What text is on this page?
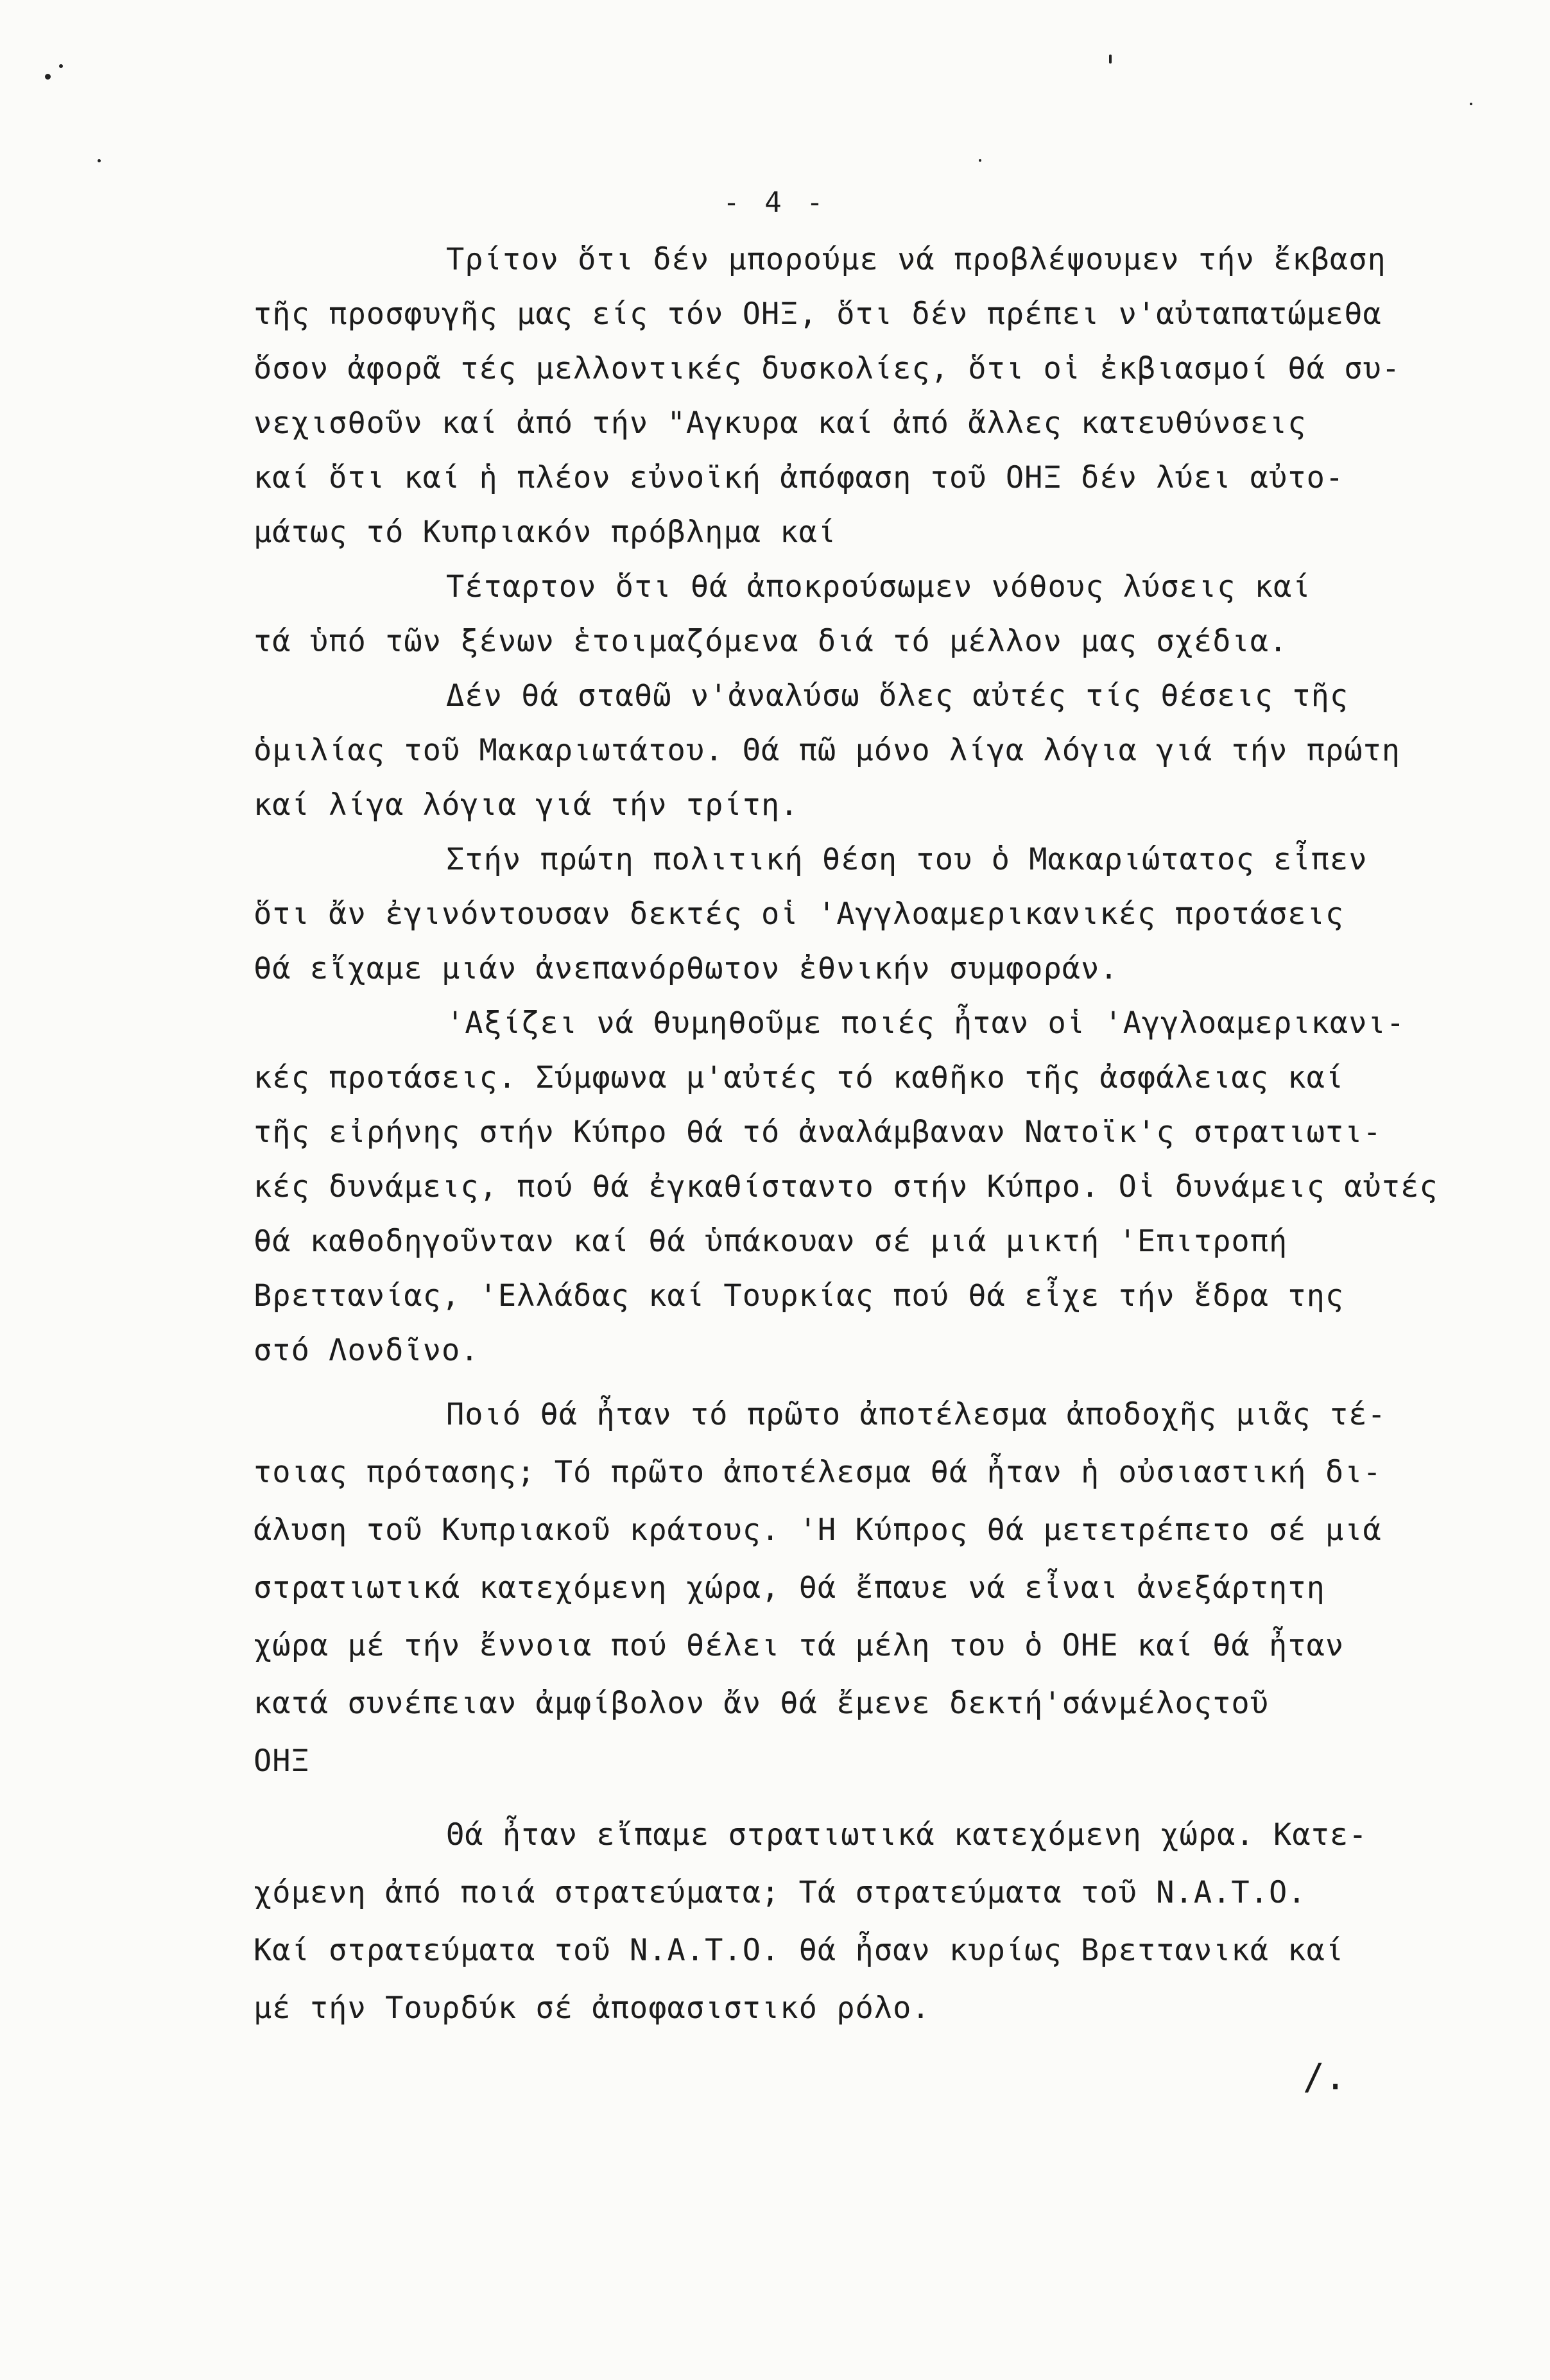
- 4 -
Τρίτον ὅτι δέν μπορούμε νά προβλέψουμεν τήν ἔκβαση
τῆς προσφυγῆς μας είς τόν ΟΗΞ, ὅτι δέν πρέπει ν'αὐταπατώμεθα
ὅσον ἀφορᾶ τές μελλοντικές δυσκολίες, ὅτι οἱ ἐκβιασμοί θά συ-
νεχισθοῦν καί ἀπό τήν "Αγκυρα καί ἀπό ἄλλες κατευθύνσεις
καί ὅτι καί ἡ πλέον εὐνοϊκή ἀπόφαση τοῦ ΟΗΞ δέν λύει αὐτο-
μάτως τό Κυπριακόν πρόβλημα καί
Τέταρτον ὅτι θά ἀποκρούσωμεν νόθους λύσεις καί
τά ὑπό τῶν ξένων ἑτοιμαζόμενα διά τό μέλλον μας σχέδια.
Δέν θά σταθῶ ν'ἀναλύσω ὅλες αὐτές τίς θέσεις τῆς
ὁμιλίας τοῦ Μακαριωτάτου. Θά πῶ μόνο λίγα λόγια γιά τήν πρώτη
καί λίγα λόγια γιά τήν τρίτη.
Στήν πρώτη πολιτική θέση του ὁ Μακαριώτατος εἶπεν
ὅτι ἄν ἐγινόντουσαν δεκτές οἱ 'Αγγλοαμερικανικές προτάσεις
θά εἴχαμε μιάν ἀνεπανόρθωτον ἐθνικήν συμφοράν.
'Αξίζει νά θυμηθοῦμε ποιές ἦταν οἱ 'Αγγλοαμερικανι-
κές προτάσεις. Σύμφωνα μ'αὐτές τό καθῆκο τῆς ἀσφάλειας καί
τῆς εἰρήνης στήν Κύπρο θά τό ἀναλάμβαναν Νατοϊκ'ς στρατιωτι-
κές δυνάμεις, πού θά ἐγκαθίσταντο στήν Κύπρο. Οἱ δυνάμεις αὐτές
θά καθοδηγοῦνταν καί θά ὑπάκουαν σέ μιά μικτή 'Επιτροπή
Βρεττανίας, 'Ελλάδας καί Τουρκίας πού θά εἶχε τήν ἕδρα της
στό Λονδῖνο.
Ποιό θά ἦταν τό πρῶτο ἀποτέλεσμα ἀποδοχῆς μιᾶς τέ-
τοιας πρότασης; Τό πρῶτο ἀποτέλεσμα θά ἦταν ἡ οὐσιαστική δι-
άλυση τοῦ Κυπριακοῦ κράτους. 'Η Κύπρος θά μετετρέπετο σέ μιά
στρατιωτικά κατεχόμενη χώρα, θά ἔπαυε νά εἶναι ἀνεξάρτητη
χώρα μέ τήν ἔννοια πού θέλει τά μέλη του ὁ ΟΗΕ καί θά ἦταν
κατά συνέπειαν ἀμφίβολον ἄν θά ἔμενε δεκτή'σάνμέλοςτοῦ
ΟΗΞ
Θά ἦταν εἴπαμε στρατιωτικά κατεχόμενη χώρα. Κατε-
χόμενη ἀπό ποιά στρατεύματα; Τά στρατεύματα τοῦ Ν.Α.Τ.Ο.
Καί στρατεύματα τοῦ Ν.Α.Τ.Ο. θά ἦσαν κυρίως Βρεττανικά καί
μέ τήν Τουρδύκ σέ ἀποφασιστικό ρόλο.
/.
